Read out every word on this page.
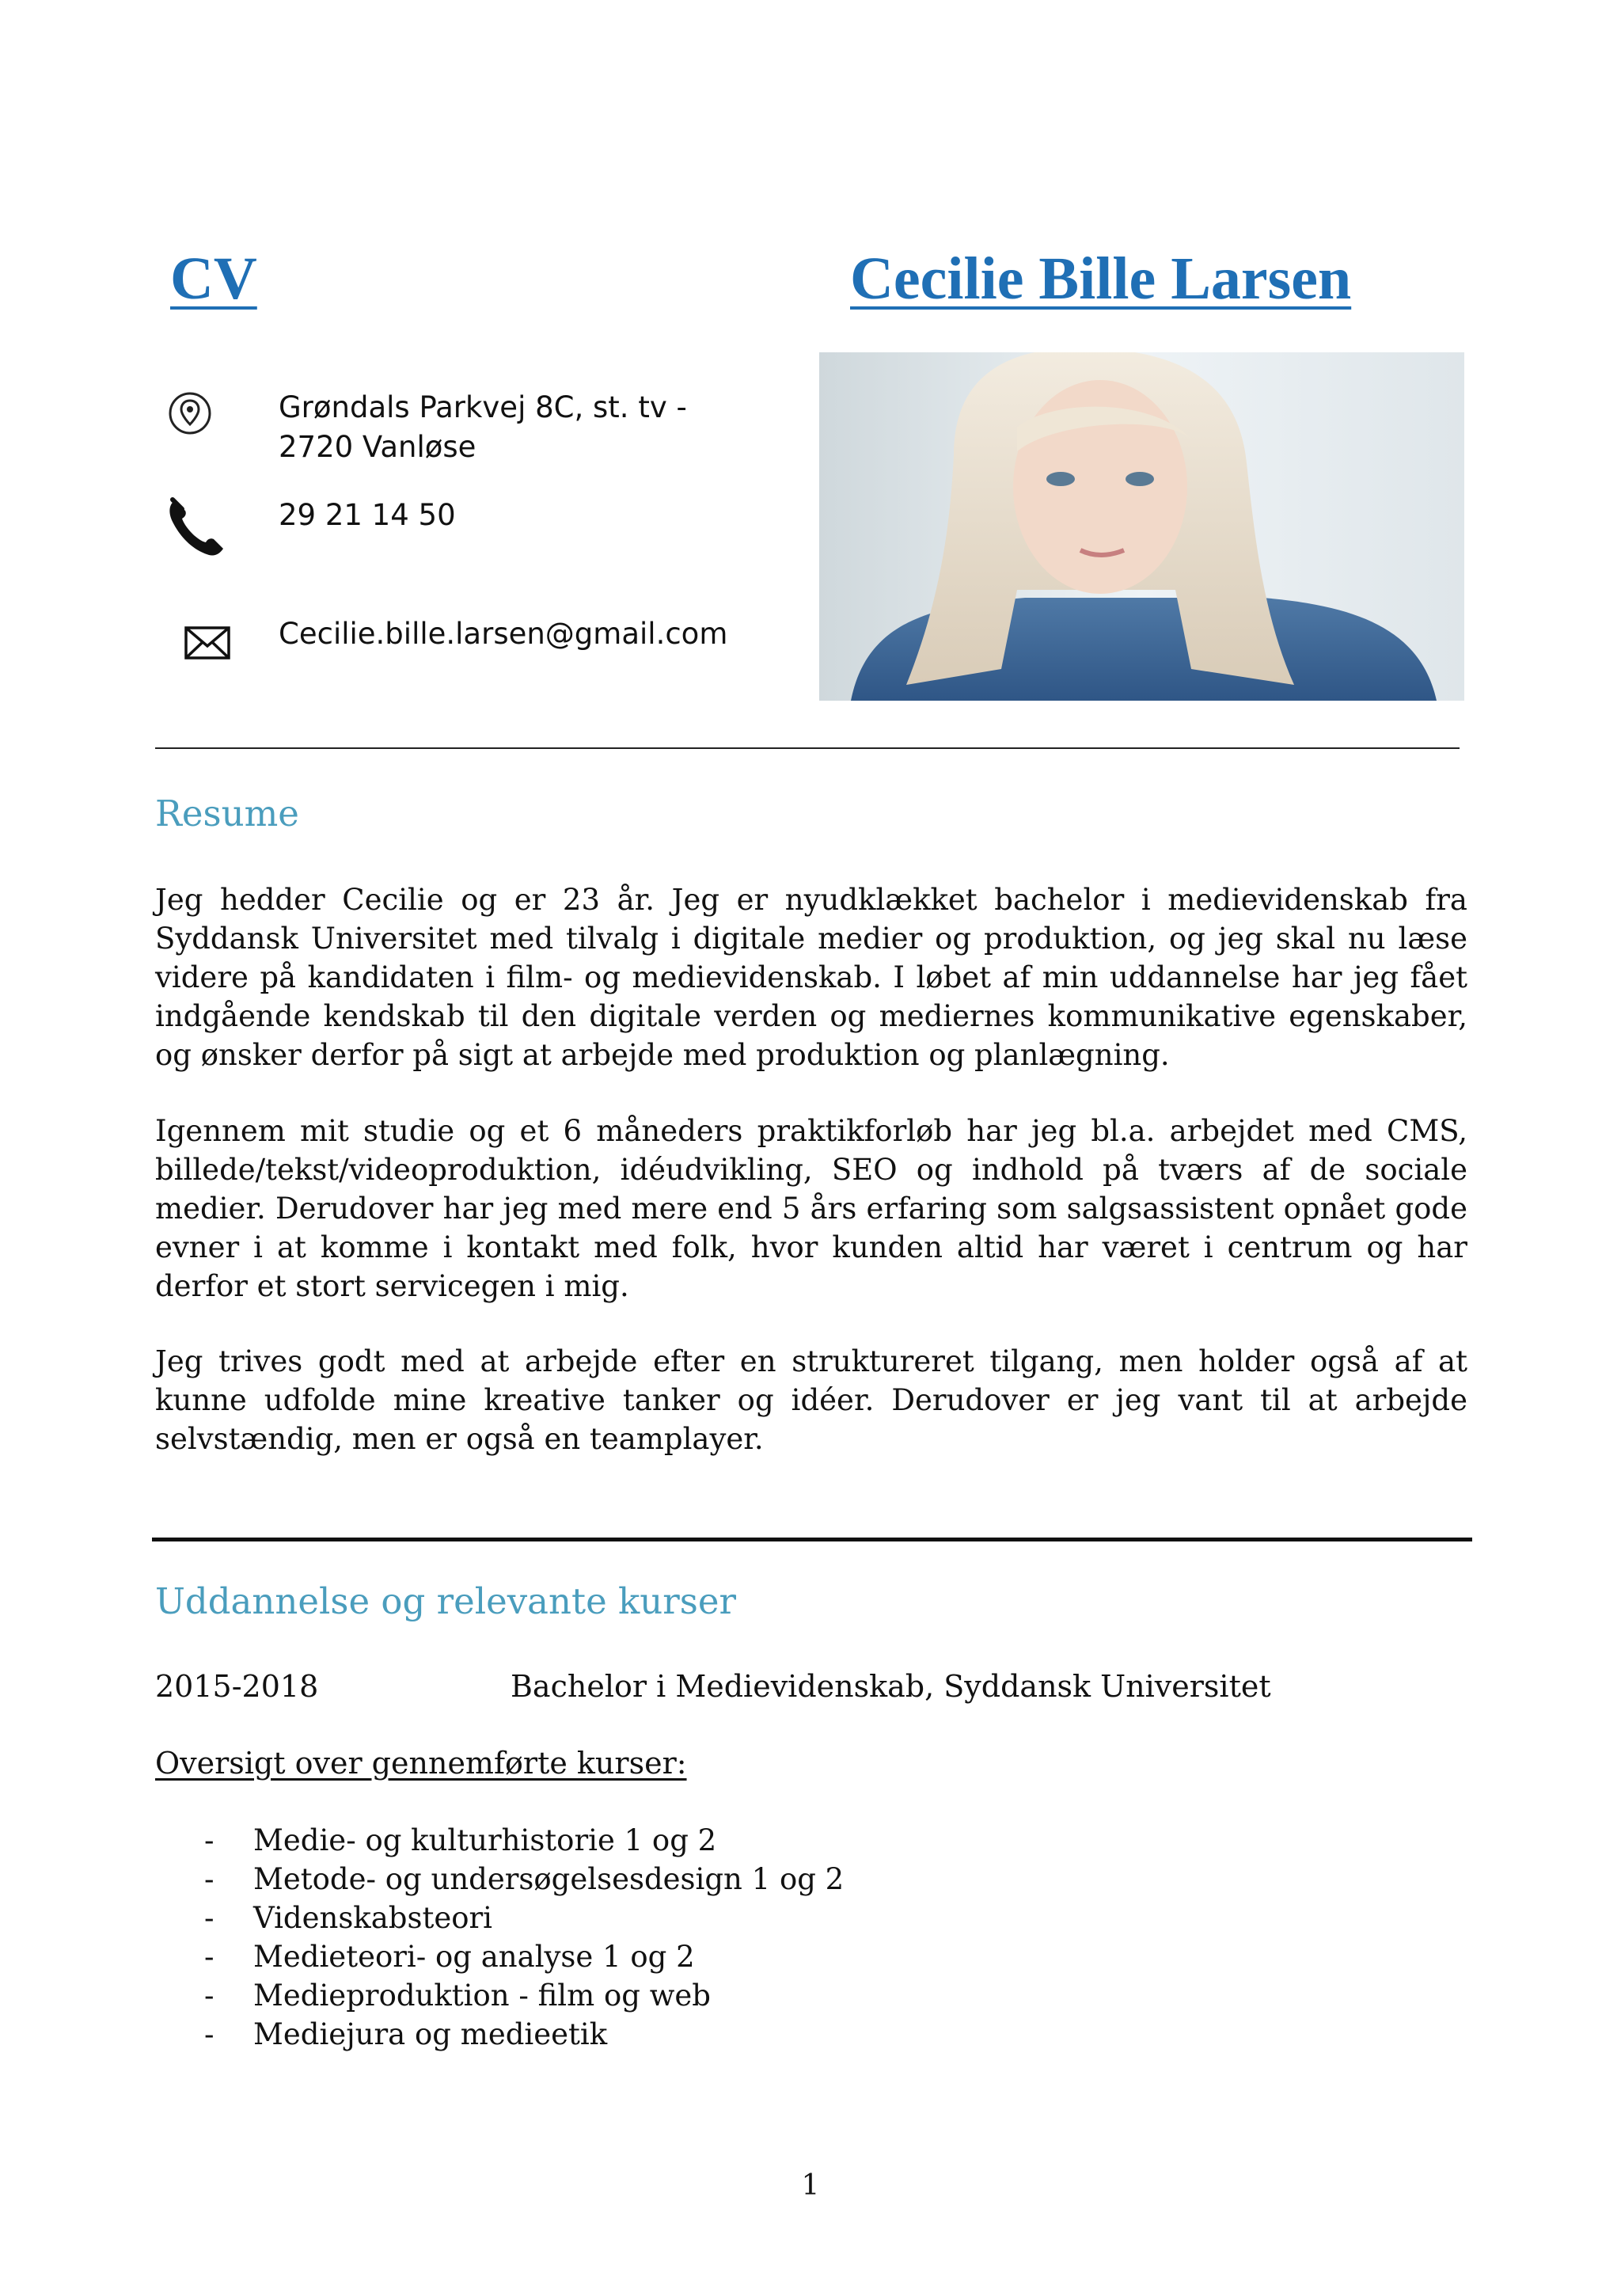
CV	Cecilie Bille Larsen
Grøndals Parkvej 8C, st. tv -
2720 Vanløse
29 21 14 50
Cecilie.bille.larsen@gmail.com
Resume

Jeg hedder Cecilie og er 23 år. Jeg er nyudklækket bachelor i medievidenskab fra Syddansk Universitet med tilvalg i digitale medier og produktion, og jeg skal nu læse videre på kandidaten i film- og medievidenskab. I løbet af min uddannelse har jeg fået indgående kendskab til den digitale verden og mediernes kommunikative egenskaber, og ønsker derfor på sigt at arbejde med produktion og planlægning.

Igennem mit studie og et 6 måneders praktikforløb har jeg bl.a. arbejdet med CMS, billede/tekst/videoproduktion, idéudvikling, SEO og indhold på tværs af de sociale medier. Derudover har jeg med mere end 5 års erfaring som salgsassistent opnået gode evner i at komme i kontakt med folk, hvor kunden altid har været i centrum og har derfor et stort servicegen i mig.

Jeg trives godt med at arbejde efter en struktureret tilgang, men holder også af at kunne udfolde mine kreative tanker og idéer. Derudover er jeg vant til at arbejde selvstændig, men er også en teamplayer.

Uddannelse og relevante kurser
2015-2018	Bachelor i Medievidenskab, Syddansk Universitet
Oversigt over gennemførte kurser:
-	Medie- og kulturhistorie 1 og 2
-	Metode- og undersøgelsesdesign 1 og 2
-	Videnskabsteori
-	Medieteori- og analyse 1 og 2
-	Medieproduktion - film og web
-	Mediejura og medieetik
1
